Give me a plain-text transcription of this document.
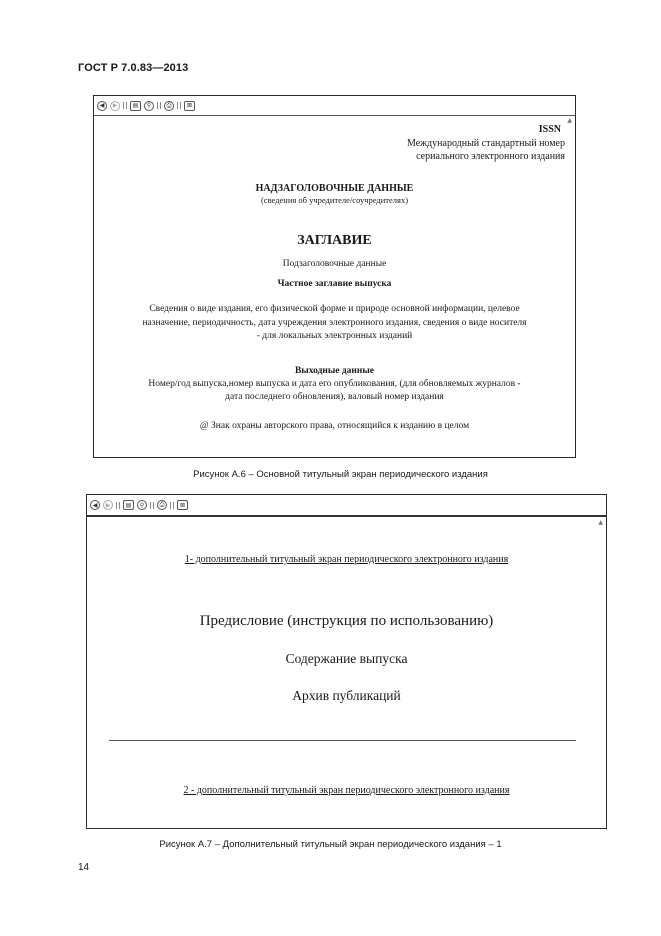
ГОСТ Р 7.0.83—2013
◀	▶	▤	⚲	⎙	⊠
▲
ISSN
Международный стандартный номер
сериального электронного издания
НАДЗАГОЛОВОЧНЫЕ ДАННЫЕ
(сведения об учредителе/соучредителях)
ЗАГЛАВИЕ
Подзаголовочные данные
Частное заглавие выпуска
Сведения о виде издания, его физической форме и природе основной информации, целевое
назначение, периодичность, дата учреждения электронного издания, сведения о виде носителя
- для локальных электронных изданий
Выходные данные
Номер/год выпуска,номер выпуска и дата его опубликования, (для обновляемых журналов -
дата последнего обновления), валовый номер издания
@ Знак охраны авторского права, относящийся к изданию в целом
Рисунок А.6 – Основной титульный экран периодического издания
◀	▶	▤	⚲	⎙	⊠
▲
1- дополнительный титульный экран периодического электронного издания
Предисловие (инструкция по использованию)
Содержание выпуска
Архив публикаций
2 - дополнительный титульный экран периодического электронного издания
Рисунок А.7 – Дополнительный титульный экран периодического издания – 1
14
